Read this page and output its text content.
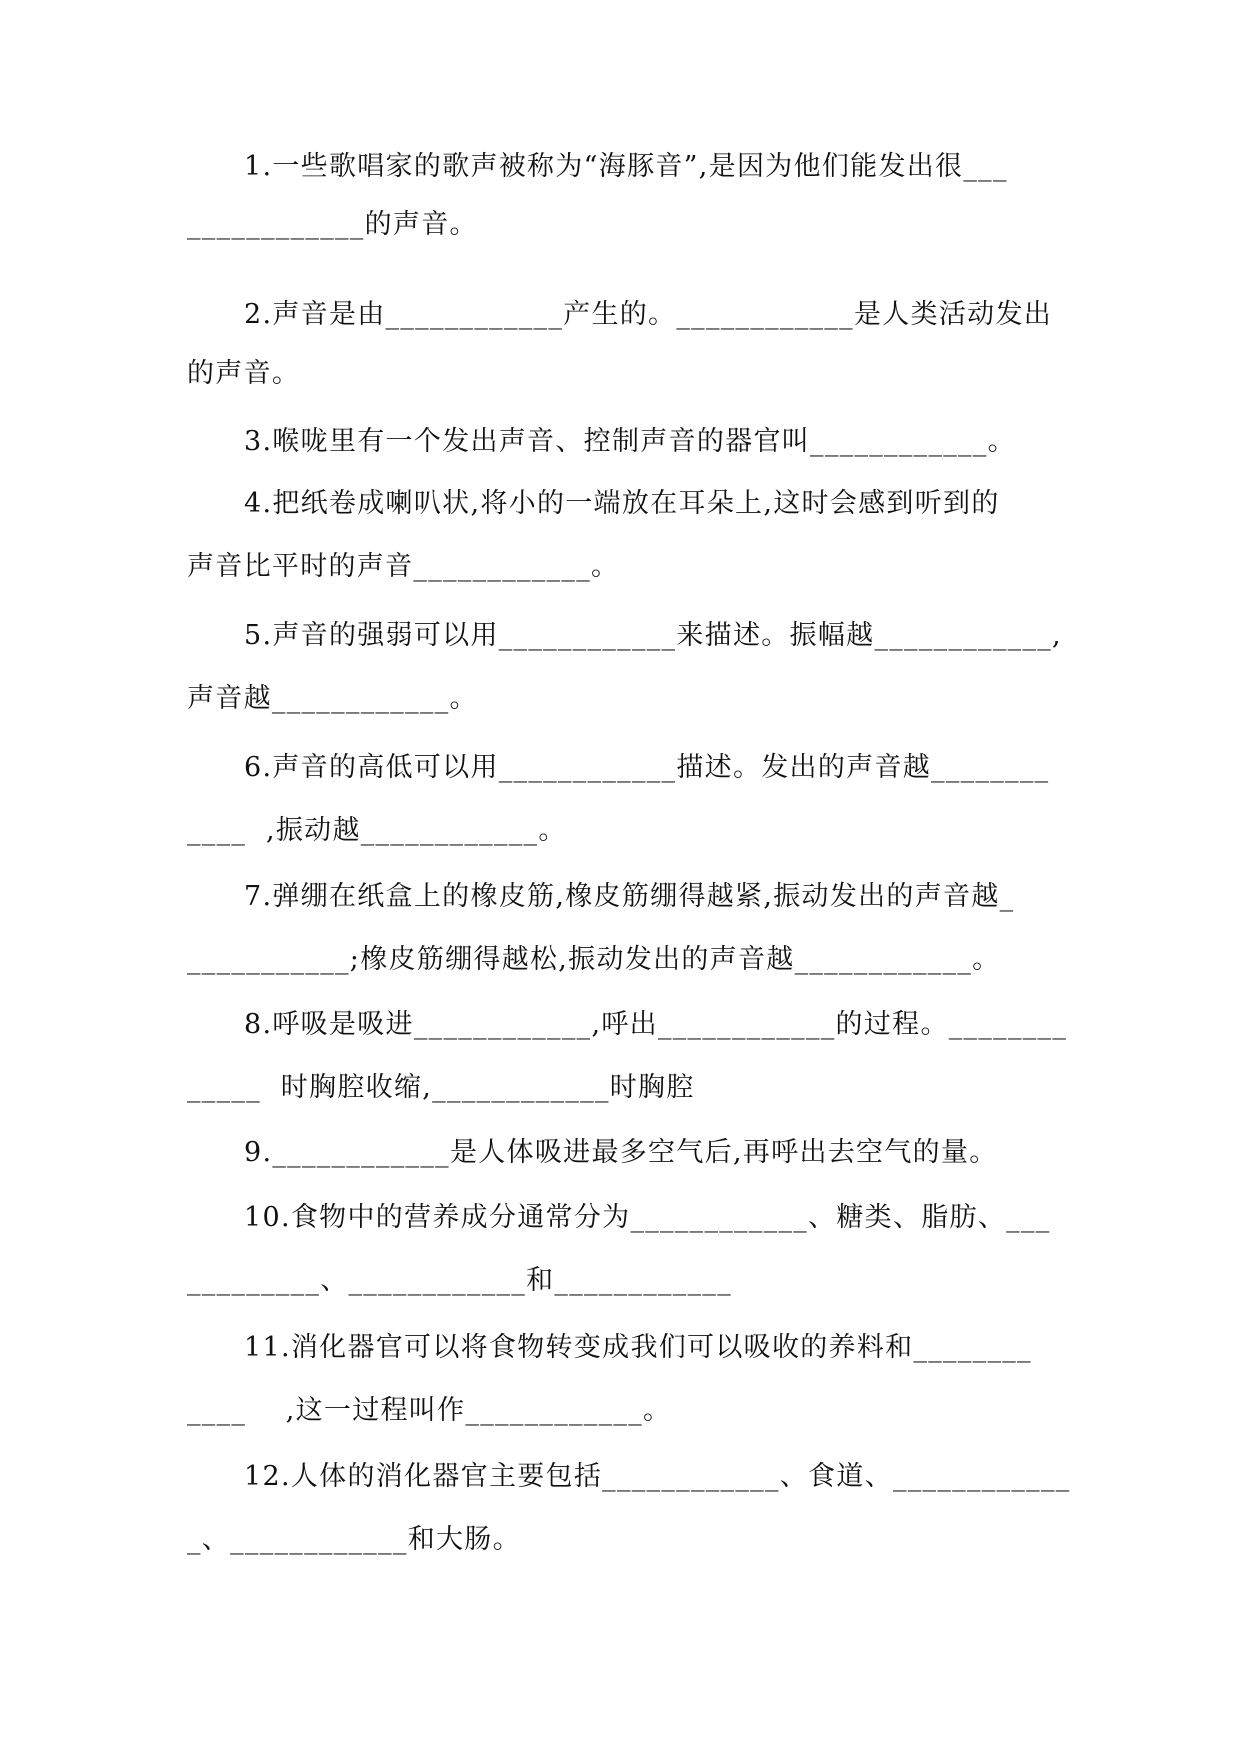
1.一些歌唱家的歌声被称为“海豚音”,是因为他们能发出很___
____________的声音。
2.声音是由____________产生的。____________是人类活动发出
的声音。
3.喉咙里有一个发出声音、控制声音的器官叫____________。
4.把纸卷成喇叭状,将小的一端放在耳朵上,这时会感到听到的
声音比平时的声音____________。
5.声音的强弱可以用____________来描述。振幅越____________,
声音越____________。
6.声音的高低可以用____________描述。发出的声音越________
____  ,振动越____________。
7.弹绷在纸盒上的橡皮筋,橡皮筋绷得越紧,振动发出的声音越_
___________;橡皮筋绷得越松,振动发出的声音越____________。
8.呼吸是吸进____________,呼出____________的过程。________
_____  时胸腔收缩,____________时胸腔
9.____________是人体吸进最多空气后,再呼出去空气的量。
10.食物中的营养成分通常分为____________、糖类、脂肪、___
_________、____________和____________
11.消化器官可以将食物转变成我们可以吸收的养料和________
____    ,这一过程叫作____________。
12.人体的消化器官主要包括____________、食道、____________
_、____________和大肠。
